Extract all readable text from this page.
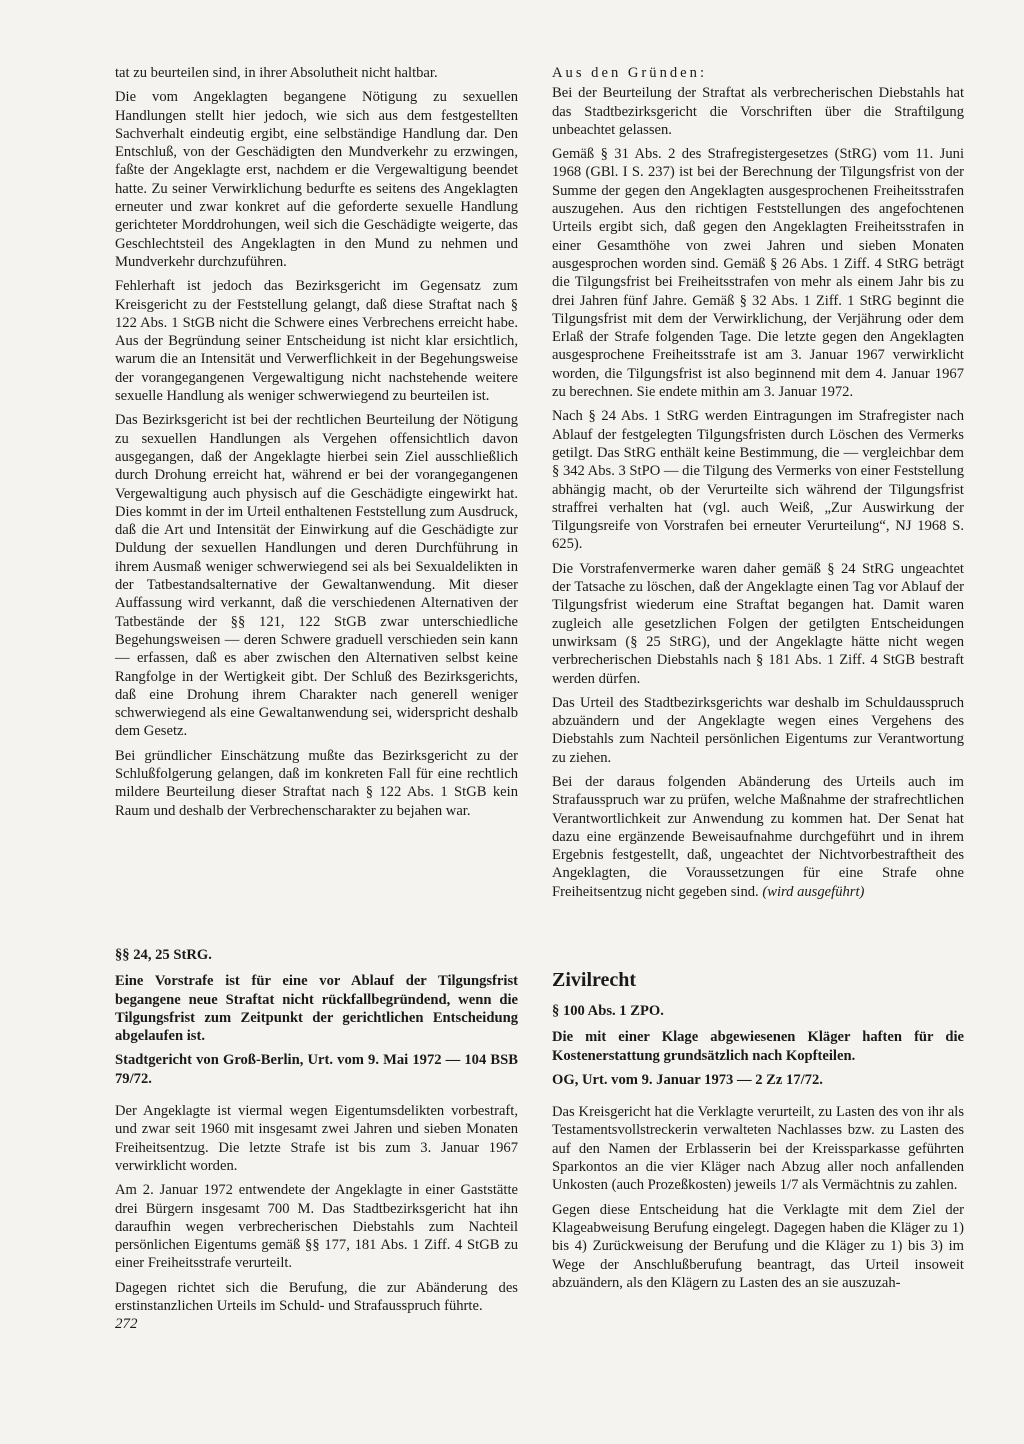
tat zu beurteilen sind, in ihrer Absolutheit nicht haltbar.

Die vom Angeklagten begangene Nötigung zu sexuellen Handlungen stellt hier jedoch, wie sich aus dem festgestellten Sachverhalt eindeutig ergibt, eine selbständige Handlung dar. Den Entschluß, von der Geschädigten den Mundverkehr zu erzwingen, faßte der Angeklagte erst, nachdem er die Vergewaltigung beendet hatte. Zu seiner Verwirklichung bedurfte es seitens des Angeklagten erneuter und zwar konkret auf die geforderte sexuelle Handlung gerichteter Morddrohungen, weil sich die Geschädigte weigerte, das Geschlechtsteil des Angeklagten in den Mund zu nehmen und Mundverkehr durchzuführen.

Fehlerhaft ist jedoch das Bezirksgericht im Gegensatz zum Kreisgericht zu der Feststellung gelangt, daß diese Straftat nach § 122 Abs. 1 StGB nicht die Schwere eines Verbrechens erreicht habe. Aus der Begründung seiner Entscheidung ist nicht klar ersichtlich, warum die an Intensität und Verwerflichkeit in der Begehungsweise der vorangegangenen Vergewaltigung nicht nachstehende weitere sexuelle Handlung als weniger schwerwiegend zu beurteilen ist.

Das Bezirksgericht ist bei der rechtlichen Beurteilung der Nötigung zu sexuellen Handlungen als Vergehen offensichtlich davon ausgegangen, daß der Angeklagte hierbei sein Ziel ausschließlich durch Drohung erreicht hat, während er bei der vorangegangenen Vergewaltigung auch physisch auf die Geschädigte eingewirkt hat. Dies kommt in der im Urteil enthaltenen Feststellung zum Ausdruck, daß die Art und Intensität der Einwirkung auf die Geschädigte zur Duldung der sexuellen Handlungen und deren Durchführung in ihrem Ausmaß weniger schwerwiegend sei als bei Sexualdelikten in der Tatbestandsalternative der Gewaltanwendung. Mit dieser Auffassung wird verkannt, daß die verschiedenen Alternativen der Tatbestände der §§ 121, 122 StGB zwar unterschiedliche Begehungsweisen — deren Schwere graduell verschieden sein kann — erfassen, daß es aber zwischen den Alternativen selbst keine Rangfolge in der Wertigkeit gibt. Der Schluß des Bezirksgerichts, daß eine Drohung ihrem Charakter nach generell weniger schwerwiegend als eine Gewaltanwendung sei, widerspricht deshalb dem Gesetz.

Bei gründlicher Einschätzung mußte das Bezirksgericht zu der Schlußfolgerung gelangen, daß im konkreten Fall für eine rechtlich mildere Beurteilung dieser Straftat nach § 122 Abs. 1 StGB kein Raum und deshalb der Verbrechenscharakter zu bejahen war.

Aus den Gründen:

Bei der Beurteilung der Straftat als verbrecherischen Diebstahls hat das Stadtbezirksgericht die Vorschriften über die Straftilgung unbeachtet gelassen.

Gemäß § 31 Abs. 2 des Strafregistergesetzes (StRG) vom 11. Juni 1968 (GBl. I S. 237) ist bei der Berechnung der Tilgungsfrist von der Summe der gegen den Angeklagten ausgesprochenen Freiheitsstrafen auszugehen. Aus den richtigen Feststellungen des angefochtenen Urteils ergibt sich, daß gegen den Angeklagten Freiheitsstrafen in einer Gesamthöhe von zwei Jahren und sieben Monaten ausgesprochen worden sind. Gemäß § 26 Abs. 1 Ziff. 4 StRG beträgt die Tilgungsfrist bei Freiheitsstrafen von mehr als einem Jahr bis zu drei Jahren fünf Jahre. Gemäß § 32 Abs. 1 Ziff. 1 StRG beginnt die Tilgungsfrist mit dem der Verwirklichung, der Verjährung oder dem Erlaß der Strafe folgenden Tage. Die letzte gegen den Angeklagten ausgesprochene Freiheitsstrafe ist am 3. Januar 1967 verwirklicht worden, die Tilgungsfrist ist also beginnend mit dem 4. Januar 1967 zu berechnen. Sie endete mithin am 3. Januar 1972.

Nach § 24 Abs. 1 StRG werden Eintragungen im Strafregister nach Ablauf der festgelegten Tilgungsfristen durch Löschen des Vermerks getilgt. Das StRG enthält keine Bestimmung, die — vergleichbar dem § 342 Abs. 3 StPO — die Tilgung des Vermerks von einer Feststellung abhängig macht, ob der Verurteilte sich während der Tilgungsfrist straffrei verhalten hat (vgl. auch Weiß, „Zur Auswirkung der Tilgungsreife von Vorstrafen bei erneuter Verurteilung“, NJ 1968 S. 625).

Die Vorstrafenvermerke waren daher gemäß § 24 StRG ungeachtet der Tatsache zu löschen, daß der Angeklagte einen Tag vor Ablauf der Tilgungsfrist wiederum eine Straftat begangen hat. Damit waren zugleich alle gesetzlichen Folgen der getilgten Entscheidungen unwirksam (§ 25 StRG), und der Angeklagte hätte nicht wegen verbrecherischen Diebstahls nach § 181 Abs. 1 Ziff. 4 StGB bestraft werden dürfen.

Das Urteil des Stadtbezirksgerichts war deshalb im Schuldausspruch abzuändern und der Angeklagte wegen eines Vergehens des Diebstahls zum Nachteil persönlichen Eigentums zur Verantwortung zu ziehen.

Bei der daraus folgenden Abänderung des Urteils auch im Strafausspruch war zu prüfen, welche Maßnahme der strafrechtlichen Verantwortlichkeit zur Anwendung zu kommen hat. Der Senat hat dazu eine ergänzende Beweisaufnahme durchgeführt und in ihrem Ergebnis festgestellt, daß, ungeachtet der Nichtvorbestraftheit des Angeklagten, die Voraussetzungen für eine Strafe ohne Freiheitsentzug nicht gegeben sind. (wird ausgeführt)

§§ 24, 25 StRG.

Eine Vorstrafe ist für eine vor Ablauf der Tilgungsfrist begangene neue Straftat nicht rückfallbegründend, wenn die Tilgungsfrist zum Zeitpunkt der gerichtlichen Entscheidung abgelaufen ist.

Stadtgericht von Groß-Berlin, Urt. vom 9. Mai 1972 — 104 BSB 79/72.

Der Angeklagte ist viermal wegen Eigentumsdelikten vorbestraft, und zwar seit 1960 mit insgesamt zwei Jahren und sieben Monaten Freiheitsentzug. Die letzte Strafe ist bis zum 3. Januar 1967 verwirklicht worden.

Am 2. Januar 1972 entwendete der Angeklagte in einer Gaststätte drei Bürgern insgesamt 700 M. Das Stadtbezirksgericht hat ihn daraufhin wegen verbrecherischen Diebstahls zum Nachteil persönlichen Eigentums gemäß §§ 177, 181 Abs. 1 Ziff. 4 StGB zu einer Freiheitsstrafe verurteilt.

Dagegen richtet sich die Berufung, die zur Abänderung des erstinstanzlichen Urteils im Schuld- und Strafausspruch führte.

Zivilrecht

§ 100 Abs. 1 ZPO.

Die mit einer Klage abgewiesenen Kläger haften für die Kostenerstattung grundsätzlich nach Kopfteilen.

OG, Urt. vom 9. Januar 1973 — 2 Zz 17/72.

Das Kreisgericht hat die Verklagte verurteilt, zu Lasten des von ihr als Testamentsvollstreckerin verwalteten Nachlasses bzw. zu Lasten des auf den Namen der Erblasserin bei der Kreissparkasse geführten Sparkontos an die vier Kläger nach Abzug aller noch anfallenden Unkosten (auch Prozeßkosten) jeweils 1/7 als Vermächtnis zu zahlen.

Gegen diese Entscheidung hat die Verklagte mit dem Ziel der Klageabweisung Berufung eingelegt. Dagegen haben die Kläger zu 1) bis 4) Zurückweisung der Berufung und die Kläger zu 1) bis 3) im Wege der Anschlußberufung beantragt, das Urteil insoweit abzuändern, als den Klägern zu Lasten des an sie auszuzah-

272
